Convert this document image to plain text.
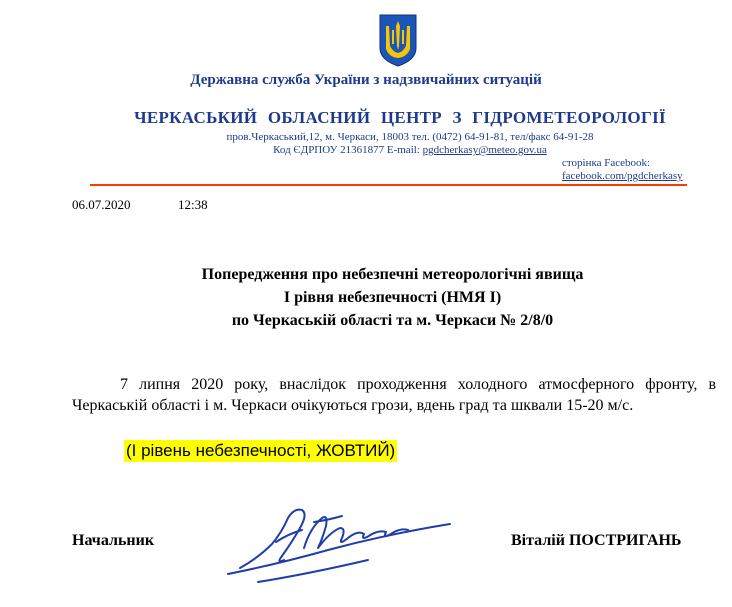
Державна служба України з надзвичайних ситуацій
ЧЕРКАСЬКИЙ ОБЛАСНИЙ ЦЕНТР З ГІДРОМЕТЕОРОЛОГІЇ
пров.Черкаський,12, м. Черкаси, 18003 тел. (0472) 64-91-81, тел/факс 64-91-28
Код ЄДРПОУ 21361877 E-mail: pgdcherkasy@meteo.gov.ua
сторінка Facebook:
facebook.com/pgdcherkasy
06.07.2020	12:38
Попередження про небезпечні метеорологічні явища
I рівня небезпечності (НМЯ I)
по Черкаській області та м. Черкаси № 2/8/0
7 липня 2020 року, внаслідок проходження холодного атмосферного фронту, в Черкаській області і м. Черкаси очікуються грози, вдень град та шквали 15-20 м/с.
(I рівень небезпечності, ЖОВТИЙ)
Начальник	Віталій ПОСТРИГАНЬ
